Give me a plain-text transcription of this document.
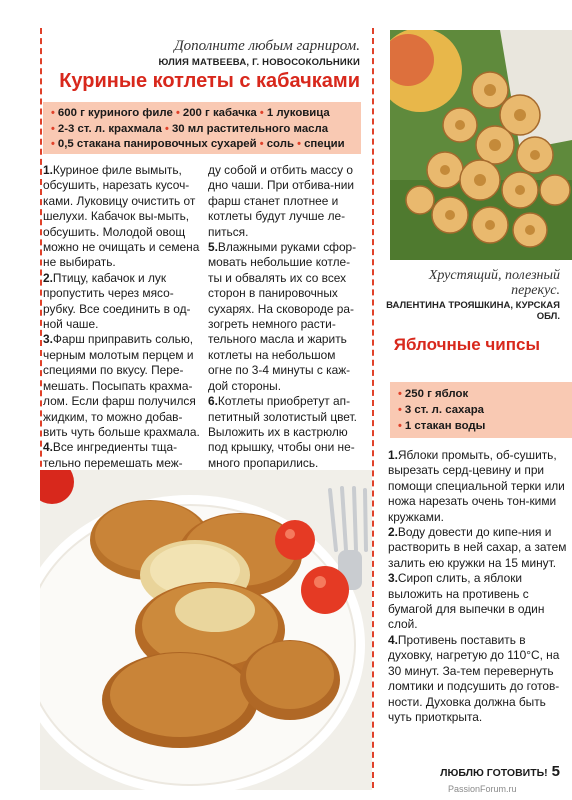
Дополните любым гарниром.
ЮЛИЯ МАТВЕЕВА, Г. НОВОСОКОЛЬНИКИ
Куриные котлеты с кабачками
• 600 г куриного филе • 200 г кабачка • 1 луковица
• 2-3 ст. л. крахмала • 30 мл растительного масла
• 0,5 стакана панировочных сухарей • соль • специи

1.Куриное филе вымыть, обсушить, нарезать кусоч-ками. Луковицу очистить от шелухи. Кабачок вы-мыть, обсушить. Молодой овощ можно не очищать и семена не выбирать.

2.Птицу, кабачок и лук пропустить через мясо-рубку. Все соединить в од-ной чаше.

3.Фарш приправить солью, черным молотым перцем и специями по вкусу. Пере-мешать. Посыпать крахма-лом. Если фарш получился жидким, то можно добав-вить чуть больше крахмала.

4.Все ингредиенты тща-тельно перемешать меж-

ду собой и отбить массу о дно чаши. При отбива-нии фарш станет плотнее и котлеты будут лучше ле-питься.

5.Влажными руками сфор-мовать небольшие котле-ты и обвалять их со всех сторон в панировочных сухарях. На сковороде ра-зогреть немного расти-тельного масла и жарить котлеты на небольшом огне по 3-4 минуты с каж-дой стороны.

6.Котлеты приобретут ап-петитный золотистый цвет. Выложить их в кастрюлю под крышку, чтобы они не-много пропарились.

Хрустящий, полезный перекус.
ВАЛЕНТИНА ТРОЯШКИНА, КУРСКАЯ ОБЛ.
Яблочные чипсы
• 250 г яблок
• 3 ст. л. сахара
• 1 стакан воды

1.Яблоки промыть, об-сушить, вырезать серд-цевину и при помощи специальной терки или ножа нарезать очень тон-кими кружками.

2.Воду довести до кипе-ния и растворить в ней сахар, а затем залить ею кружки на 15 минут.

3.Сироп слить, а яблоки выложить на противень с бумагой для выпечки в один слой.

4.Противень поставить в духовку, нагретую до 110°С, на 30 минут. За-тем перевернуть ломтики и подсушить до готов-ности. Духовка должна быть чуть приоткрыта.

ЛЮБЛЮ ГОТОВИТЬ! 5
PassionForum.ru
